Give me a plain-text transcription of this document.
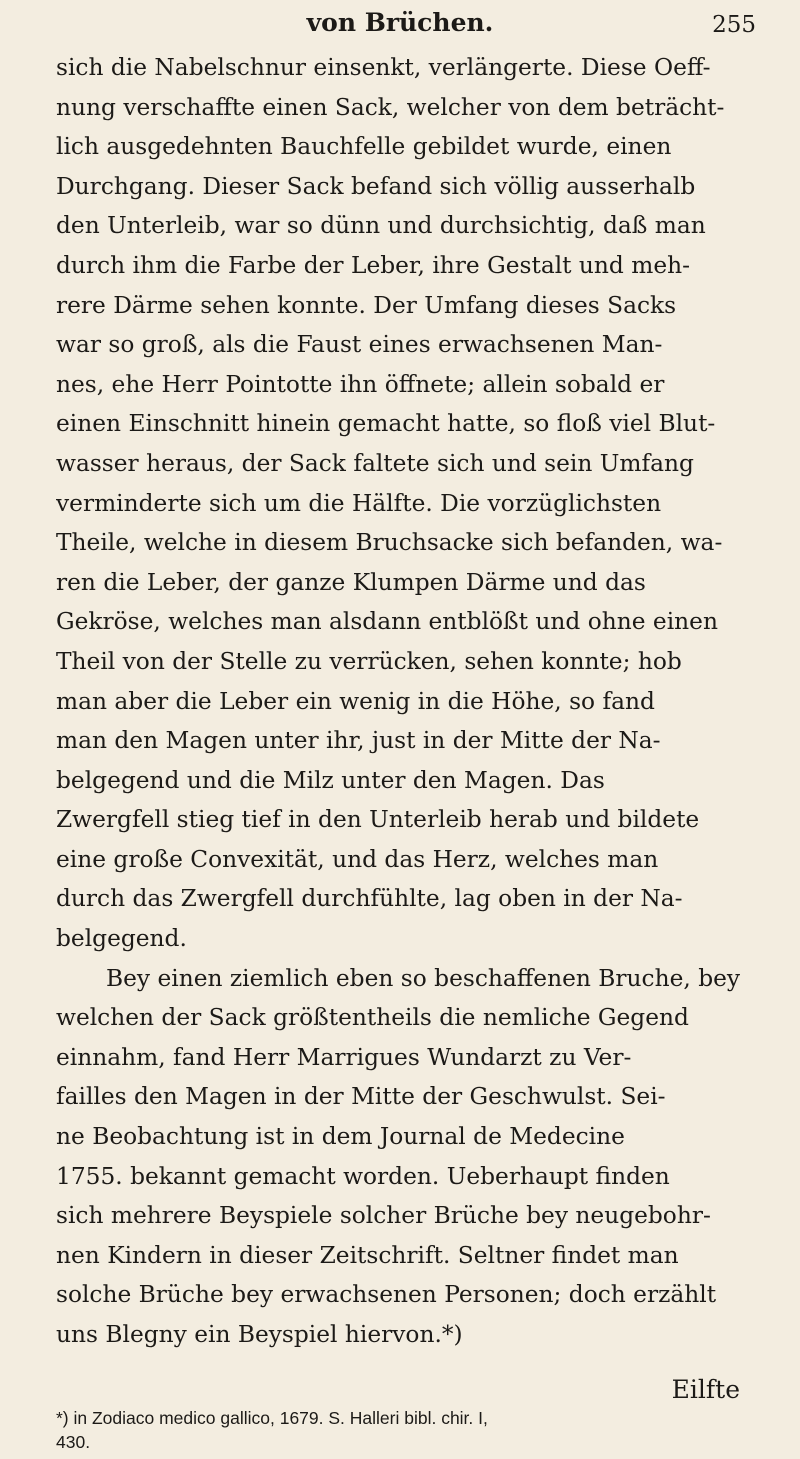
von Brüchen.	255
sich die Nabelschnur einsenkt, verlängerte. Diese Oeff-
nung verschaffte einen Sack, welcher von dem beträcht-
lich ausgedehnten Bauchfelle gebildet wurde, einen
Durchgang. Dieser Sack befand sich völlig ausserhalb
den Unterleib, war so dünn und durchsichtig, daß man
durch ihm die Farbe der Leber, ihre Gestalt und meh-
rere Därme sehen konnte. Der Umfang dieses Sacks
war so groß, als die Faust eines erwachsenen Man-
nes, ehe Herr Pointotte ihn öffnete; allein sobald er
einen Einschnitt hinein gemacht hatte, so floß viel Blut-
wasser heraus, der Sack faltete sich und sein Umfang
verminderte sich um die Hälfte. Die vorzüglichsten
Theile, welche in diesem Bruchsacke sich befanden, wa-
ren die Leber, der ganze Klumpen Därme und das
Gekröse, welches man alsdann entblößt und ohne einen
Theil von der Stelle zu verrücken, sehen konnte; hob
man aber die Leber ein wenig in die Höhe, so fand
man den Magen unter ihr, just in der Mitte der Na-
belgegend und die Milz unter den Magen. Das
Zwergfell stieg tief in den Unterleib herab und bildete
eine große Convexität, und das Herz, welches man
durch das Zwergfell durchfühlte, lag oben in der Na-
belgegend.
Bey einen ziemlich eben so beschaffenen Bruche, bey
welchen der Sack größtentheils die nemliche Gegend
einnahm, fand Herr Marrigues Wundarzt zu Ver-
failles den Magen in der Mitte der Geschwulst. Sei-
ne Beobachtung ist in dem Journal de Medecine
1755. bekannt gemacht worden. Ueberhaupt finden
sich mehrere Beyspiele solcher Brüche bey neugebohr-
nen Kindern in dieser Zeitschrift. Seltner findet man
solche Brüche bey erwachsenen Personen; doch erzählt
uns Blegny ein Beyspiel hiervon.*)
Eilfte
*) in Zodiaco medico gallico, 1679. S. Halleri bibl. chir. I,
430.
